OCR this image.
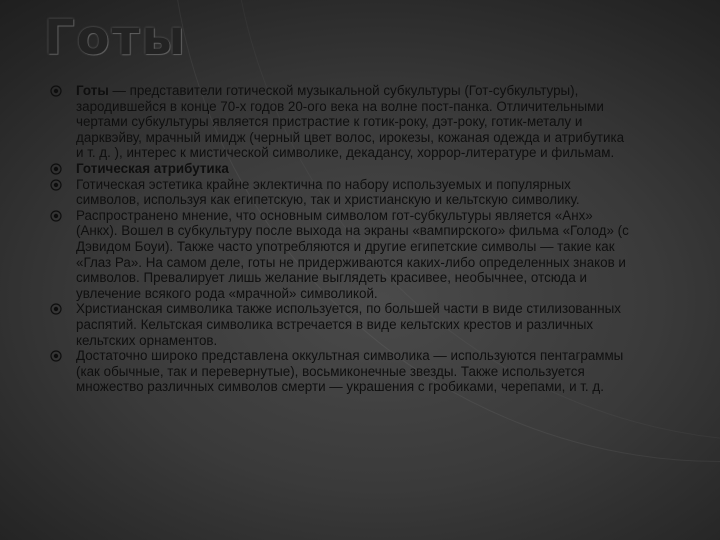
Готы
Готы — представители готической музыкальной субкультуры (Гот-субкультуры), зародившейся в конце 70-х годов 20-ого века на волне пост-панка. Отличительными чертами субкультуры является пристрастие к готик-року, дэт-року, готик-металу и дарквэйву, мрачный имидж (черный цвет волос, ирокезы, кожаная одежда и атрибутика и т. д. ), интерес к мистической символике, декадансу, хоррор-литературе и фильмам.
Готическая атрибутика
Готическая эстетика крайне эклектична по набору используемых и популярных символов, используя как египетскую, так и христианскую и кельтскую символику.
Распространено мнение, что основным символом гот-субкультуры является «Анх» (Анкх). Вошел в субкультуру после выхода на экраны «вампирского» фильма «Голод» (с Дэвидом Боуи). Также часто употребляются и другие египетские символы — такие как «Глаз Ра». На самом деле, готы не придерживаются каких-либо определенных знаков и символов. Превалирует лишь желание выглядеть красивее, необычнее, отсюда и увлечение всякого рода «мрачной» символикой.
Христианская символика также используется, по большей части в виде стилизованных распятий. Кельтская символика встречается в виде кельтских крестов и различных кельтских орнаментов.
Достаточно широко представлена оккультная символика — используются пентаграммы (как обычные, так и перевернутые), восьмиконечные звезды. Также используется множество различных символов смерти — украшения с гробиками, черепами, и т. д.
